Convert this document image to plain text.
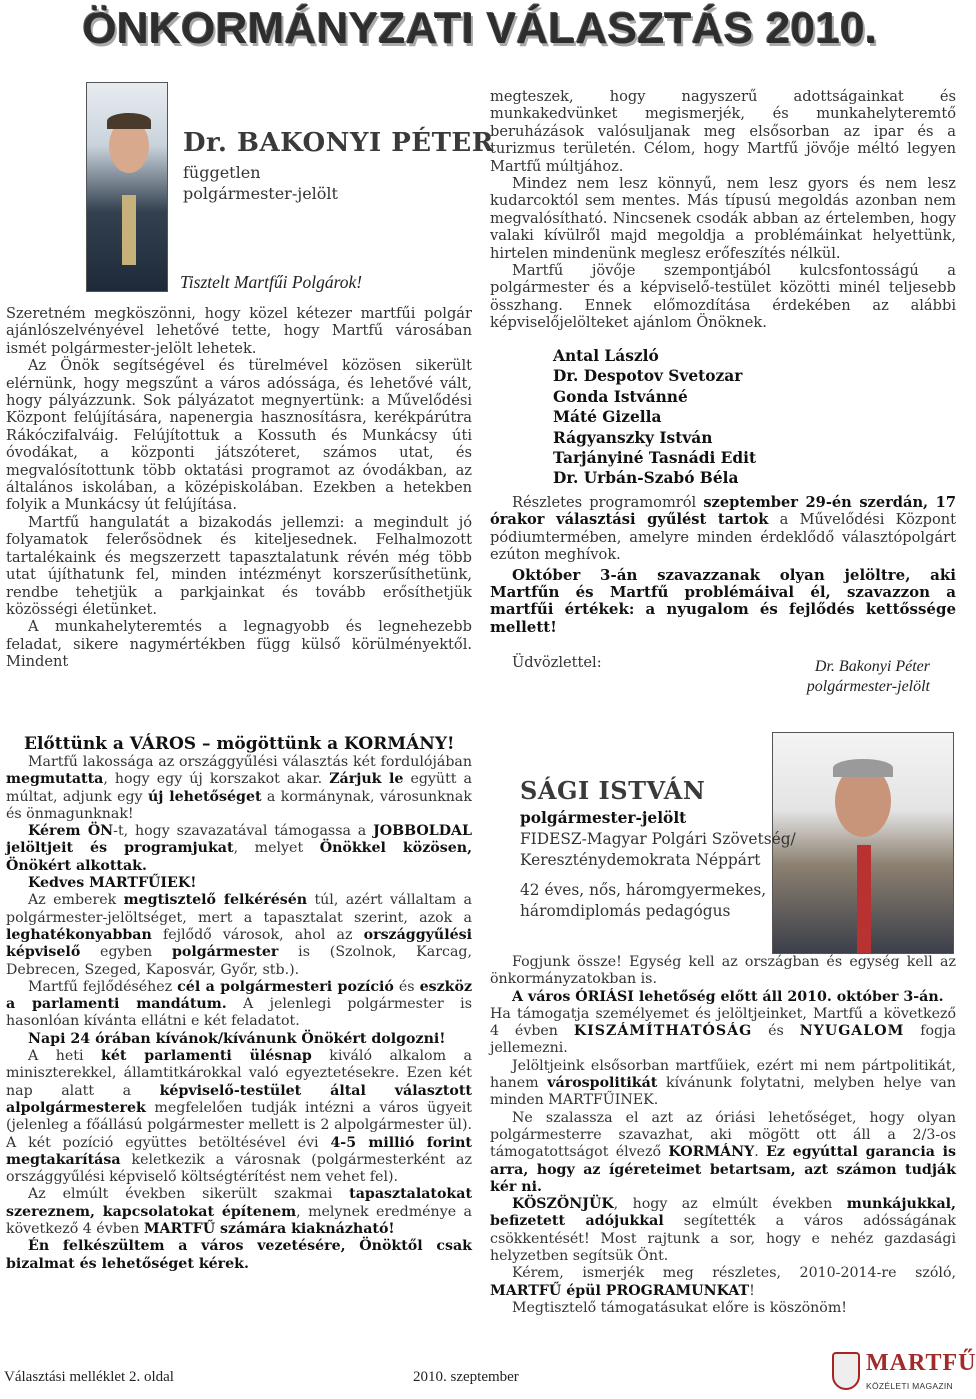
ÖNKORMÁNYZATI VÁLASZTÁS 2010.
Dr. BAKONYI PÉTER
független
polgármester-jelölt
Tisztelt Martfűi Polgárok!

Szeretném megköszönni, hogy közel kétezer martfűi polgár ajánlószelvényével lehetővé tette, hogy Martfű városában ismét polgármester-jelölt lehetek.

Az Önök segítségével és türelmével közösen sikerült elérnünk, hogy megszűnt a város adóssága, és lehetővé vált, hogy pályázzunk. Sok pályázatot megnyertünk: a Művelődési Központ felújítására, napenergia hasznosításra, kerékpárútra Rákóczifalváig. Felújítottuk a Kossuth és Munkácsy úti óvodákat, a központi játszóteret, számos utat, és megvalósítottunk több oktatási programot az óvodákban, az általános iskolában, a középiskolában. Ezekben a hetekben folyik a Munkácsy út felújítása.

Martfű hangulatát a bizakodás jellemzi: a megindult jó folyamatok felerősödnek és kiteljesednek. Felhalmozott tartalékaink és megszerzett tapasztalatunk révén még több utat újíthatunk fel, minden intézményt korszerűsíthetünk, rendbe tehetjük a parkjainkat és tovább erősíthetjük közösségi életünket.

A munkahelyteremtés a legnagyobb és legnehezebb feladat, sikere nagymértékben függ külső körülményektől. Mindent

megteszek, hogy nagyszerű adottságainkat és munkakedvünket megismerjék, és munkahelyteremtő beruházások valósuljanak meg elsősorban az ipar és a turizmus területén. Célom, hogy Martfű jövője méltó legyen Martfű múltjához.

Mindez nem lesz könnyű, nem lesz gyors és nem lesz kudarcoktól sem mentes. Más típusú megoldás azonban nem megvalósítható. Nincsenek csodák abban az értelemben, hogy valaki kívülről majd megoldja a problémáinkat helyettünk, hirtelen mindenünk meglesz erőfeszítés nélkül.

Martfű jövője szempontjából kulcsfontosságú a polgármester és a képviselő-testület közötti minél teljesebb összhang. Ennek előmozdítása érdekében az alábbi képviselőjelölteket ajánlom Önöknek.

Antal László
Dr. Despotov Svetozar
Gonda Istvánné
Máté Gizella
Rágyanszky István
Tarjányiné Tasnádi Edit
Dr. Urbán-Szabó Béla

Részletes programomról szeptember 29-én szerdán, 17 órakor választási gyűlést tartok a Művelődési Központ pódiumtermében, amelyre minden érdeklődő választópolgárt ezúton meghívok.

Október 3-án szavazzanak olyan jelöltre, aki Martfűn és Martfű problémáival él, szavazzon a martfűi értékek: a nyugalom és fejlődés kettőssége mellett!

Üdvözlettel:	Dr. Bakonyi Péter
polgármester-jelölt
SÁGI ISTVÁN
polgármester-jelölt
FIDESZ-Magyar Polgári Szövetség/
Kereszténydemokrata Néppárt
42 éves, nős, háromgyermekes,
háromdiplomás pedagógus

Előttünk a VÁROS – mögöttünk a KORMÁNY!

Martfű lakossága az országgyűlési választás két fordulójában megmutatta, hogy egy új korszakot akar. Zárjuk le együtt a múltat, adjunk egy új lehetőséget a kormánynak, városunknak és önmagunknak!

Kérem ÖN-t, hogy szavazatával támogassa a JOBBOLDAL jelöltjeit és programjukat, melyet Önökkel közösen, Önökért alkottak.

Kedves MARTFŰIEK!

Az emberek megtisztelő felkérésén túl, azért vállaltam a polgármester-jelöltséget, mert a tapasztalat szerint, azok a leghatékonyabban fejlődő városok, ahol az országgyűlési képviselő egyben polgármester is (Szolnok, Karcag, Debrecen, Szeged, Kaposvár, Győr, stb.).

Martfű fejlődéséhez cél a polgármesteri pozíció és eszköz a parlamenti mandátum. A jelenlegi polgármester is hasonlóan kívánta ellátni e két feladatot.

Napi 24 órában kívánok/kívánunk Önökért dolgozni!

A heti két parlamenti ülésnap kiváló alkalom a miniszterekkel, államtitkárokkal való egyeztetésekre. Ezen két nap alatt a képviselő-testület által választott alpolgármesterek megfelelően tudják intézni a város ügyeit (jelenleg a főállású polgármester mellett is 2 alpolgármester ül). A két pozíció együttes betöltésével évi 4-5 millió forint megtakarítása keletkezik a városnak (polgármesterként az országgyűlési képviselő költségtérítést nem vehet fel).

Az elmúlt években sikerült szakmai tapasztalatokat szereznem, kapcsolatokat építenem, melynek eredménye a következő 4 évben MARTFŰ számára kiaknázható!

Én felkészültem a város vezetésére, Önöktől csak bizalmat és lehetőséget kérek.

Fogjunk össze! Egység kell az országban és egység kell az önkormányzatokban is.

A város ÓRIÁSI lehetőség előtt áll 2010. október 3-án.

Ha támogatja személyemet és jelöltjeinket, Martfű a következő 4 évben KISZÁMÍTHATÓSÁG és NYUGALOM fogja jellemezni.

Jelöltjeink elsősorban martfűiek, ezért mi nem pártpolitikát, hanem várospolitikát kívánunk folytatni, melyben helye van minden MARTFŰINEK.

Ne szalassza el azt az óriási lehetőséget, hogy olyan polgármesterre szavazhat, aki mögött ott áll a 2/3-os támogatottságot élvező KORMÁNY. Ez egyúttal garancia is arra, hogy az ígéreteimet betartsam, azt számon tudják kér ni.

KÖSZÖNJÜK, hogy az elmúlt években munkájukkal, befizetett adójukkal segítették a város adósságának csökkentését! Most rajtunk a sor, hogy e nehéz gazdasági helyzetben segítsük Önt.

Kérem, ismerjék meg részletes, 2010-2014-re szóló, MARTFŰ épül PROGRAMUNKAT!

Megtisztelő támogatásukat előre is köszönöm!

Választási melléklet 2. oldal	2010. szeptember
MARTFŰ
KÖZÉLETI MAGAZIN
